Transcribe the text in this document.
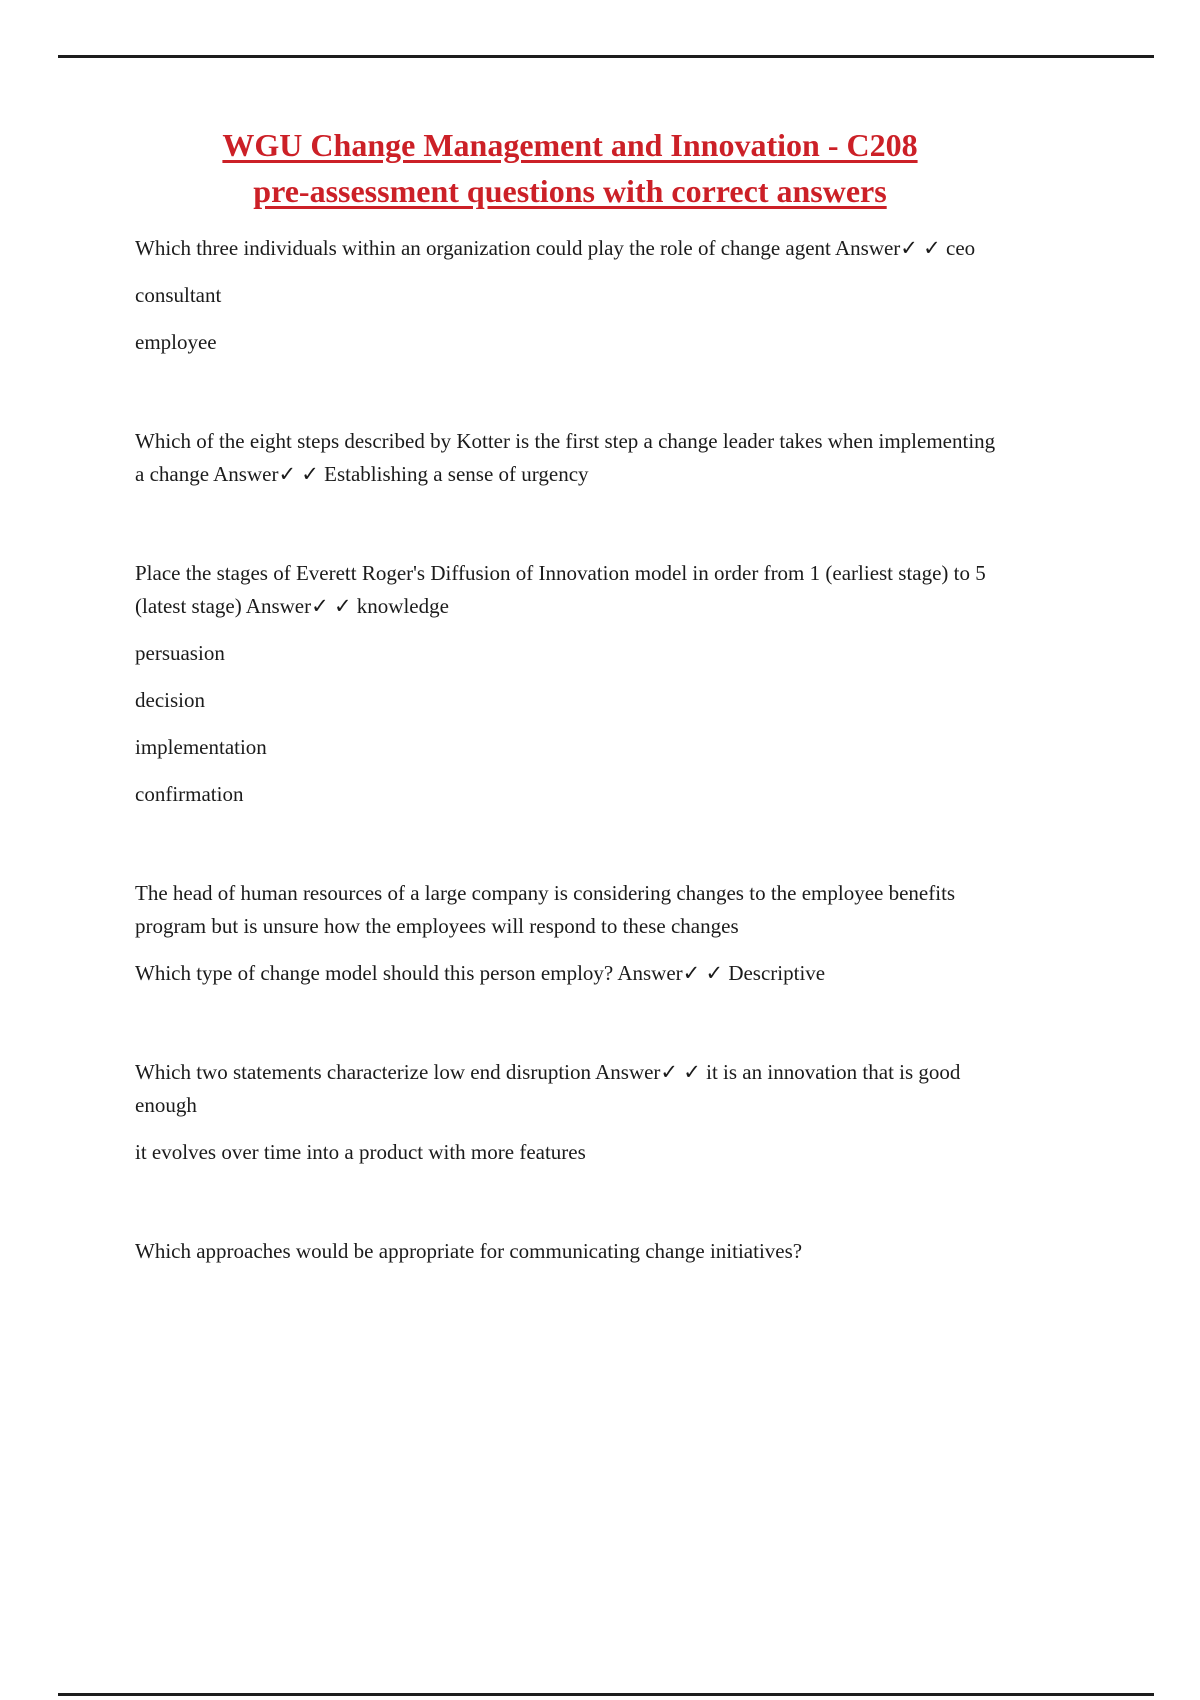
WGU Change Management and Innovation - C208
pre-assessment questions with correct answers

Which three individuals within an organization could play the role of change agent Answer✓ ✓ ceo

consultant

employee

Which of the eight steps described by Kotter is the first step a change leader takes when implementing a change Answer✓ ✓ Establishing a sense of urgency

Place the stages of Everett Roger's Diffusion of Innovation model in order from 1 (earliest stage) to 5 (latest stage) Answer✓ ✓ knowledge

persuasion

decision

implementation

confirmation

The head of human resources of a large company is considering changes to the employee benefits program but is unsure how the employees will respond to these changes

Which type of change model should this person employ? Answer✓ ✓ Descriptive

Which two statements characterize low end disruption Answer✓ ✓ it is an innovation that is good enough

it evolves over time into a product with more features

Which approaches would be appropriate for communicating change initiatives?
